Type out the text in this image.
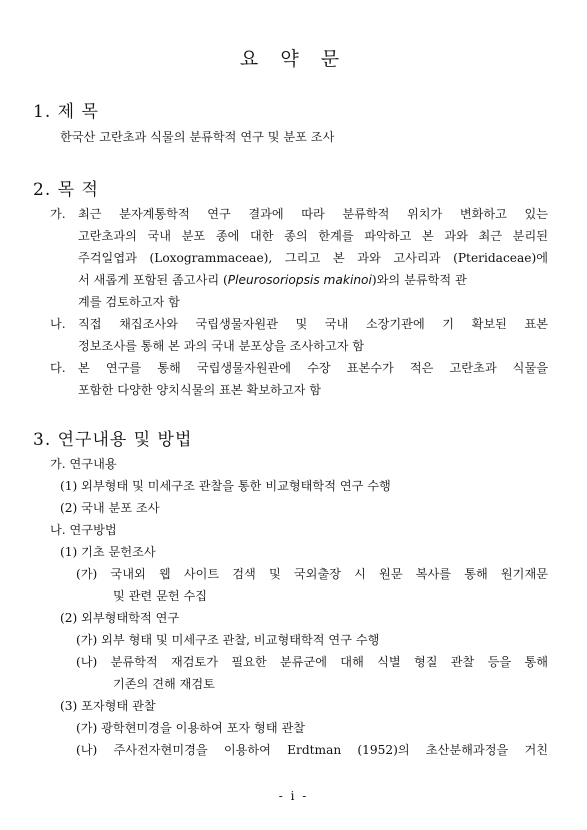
요 약 문
1. 제 목
한국산 고란초과 식물의 분류학적 연구 및 분포 조사
2. 목 적
가. 최근 분자계통학적 연구 결과에 따라 분류학적 위치가 변화하고 있는
고란초과의 국내 분포 종에 대한 종의 한계를 파악하고 본 과와 최근 분리된
주걱일엽과 (Loxogrammaceae), 그리고 본 과와 고사리과 (Pteridaceae)에
서 새롭게 포함된 좀고사리 (Pleurosoriopsis makinoi)와의 분류학적 관
계를 검토하고자 함
나. 직접 채집조사와 국립생물자원관 및 국내 소장기관에 기 확보된 표본
정보조사를 통해 본 과의 국내 분포상을 조사하고자 함
다. 본 연구를 통해 국립생물자원관에 수장 표본수가 적은 고란초과 식물을
포함한 다양한 양치식물의 표본 확보하고자 함
3. 연구내용 및 방법
가. 연구내용
(1) 외부형태 및 미세구조 관찰을 통한 비교형태학적 연구 수행
(2) 국내 분포 조사
나. 연구방법
(1) 기초 문헌조사
(가) 국내외 웹 사이트 검색 및 국외출장 시 원문 복사를 통해 원기재문
및 관련 문헌 수집
(2) 외부형태학적 연구
(가) 외부 형태 및 미세구조 관찰, 비교형태학적 연구 수행
(나) 분류학적 재검토가 필요한 분류군에 대해 식별 형질 관찰 등을 통해
기존의 견해 재검토
(3) 포자형태 관찰
(가) 광학현미경을 이용하여 포자 형태 관찰
(나) 주사전자현미경을 이용하여 Erdtman (1952)의 초산분해과정을 거친
- i -
